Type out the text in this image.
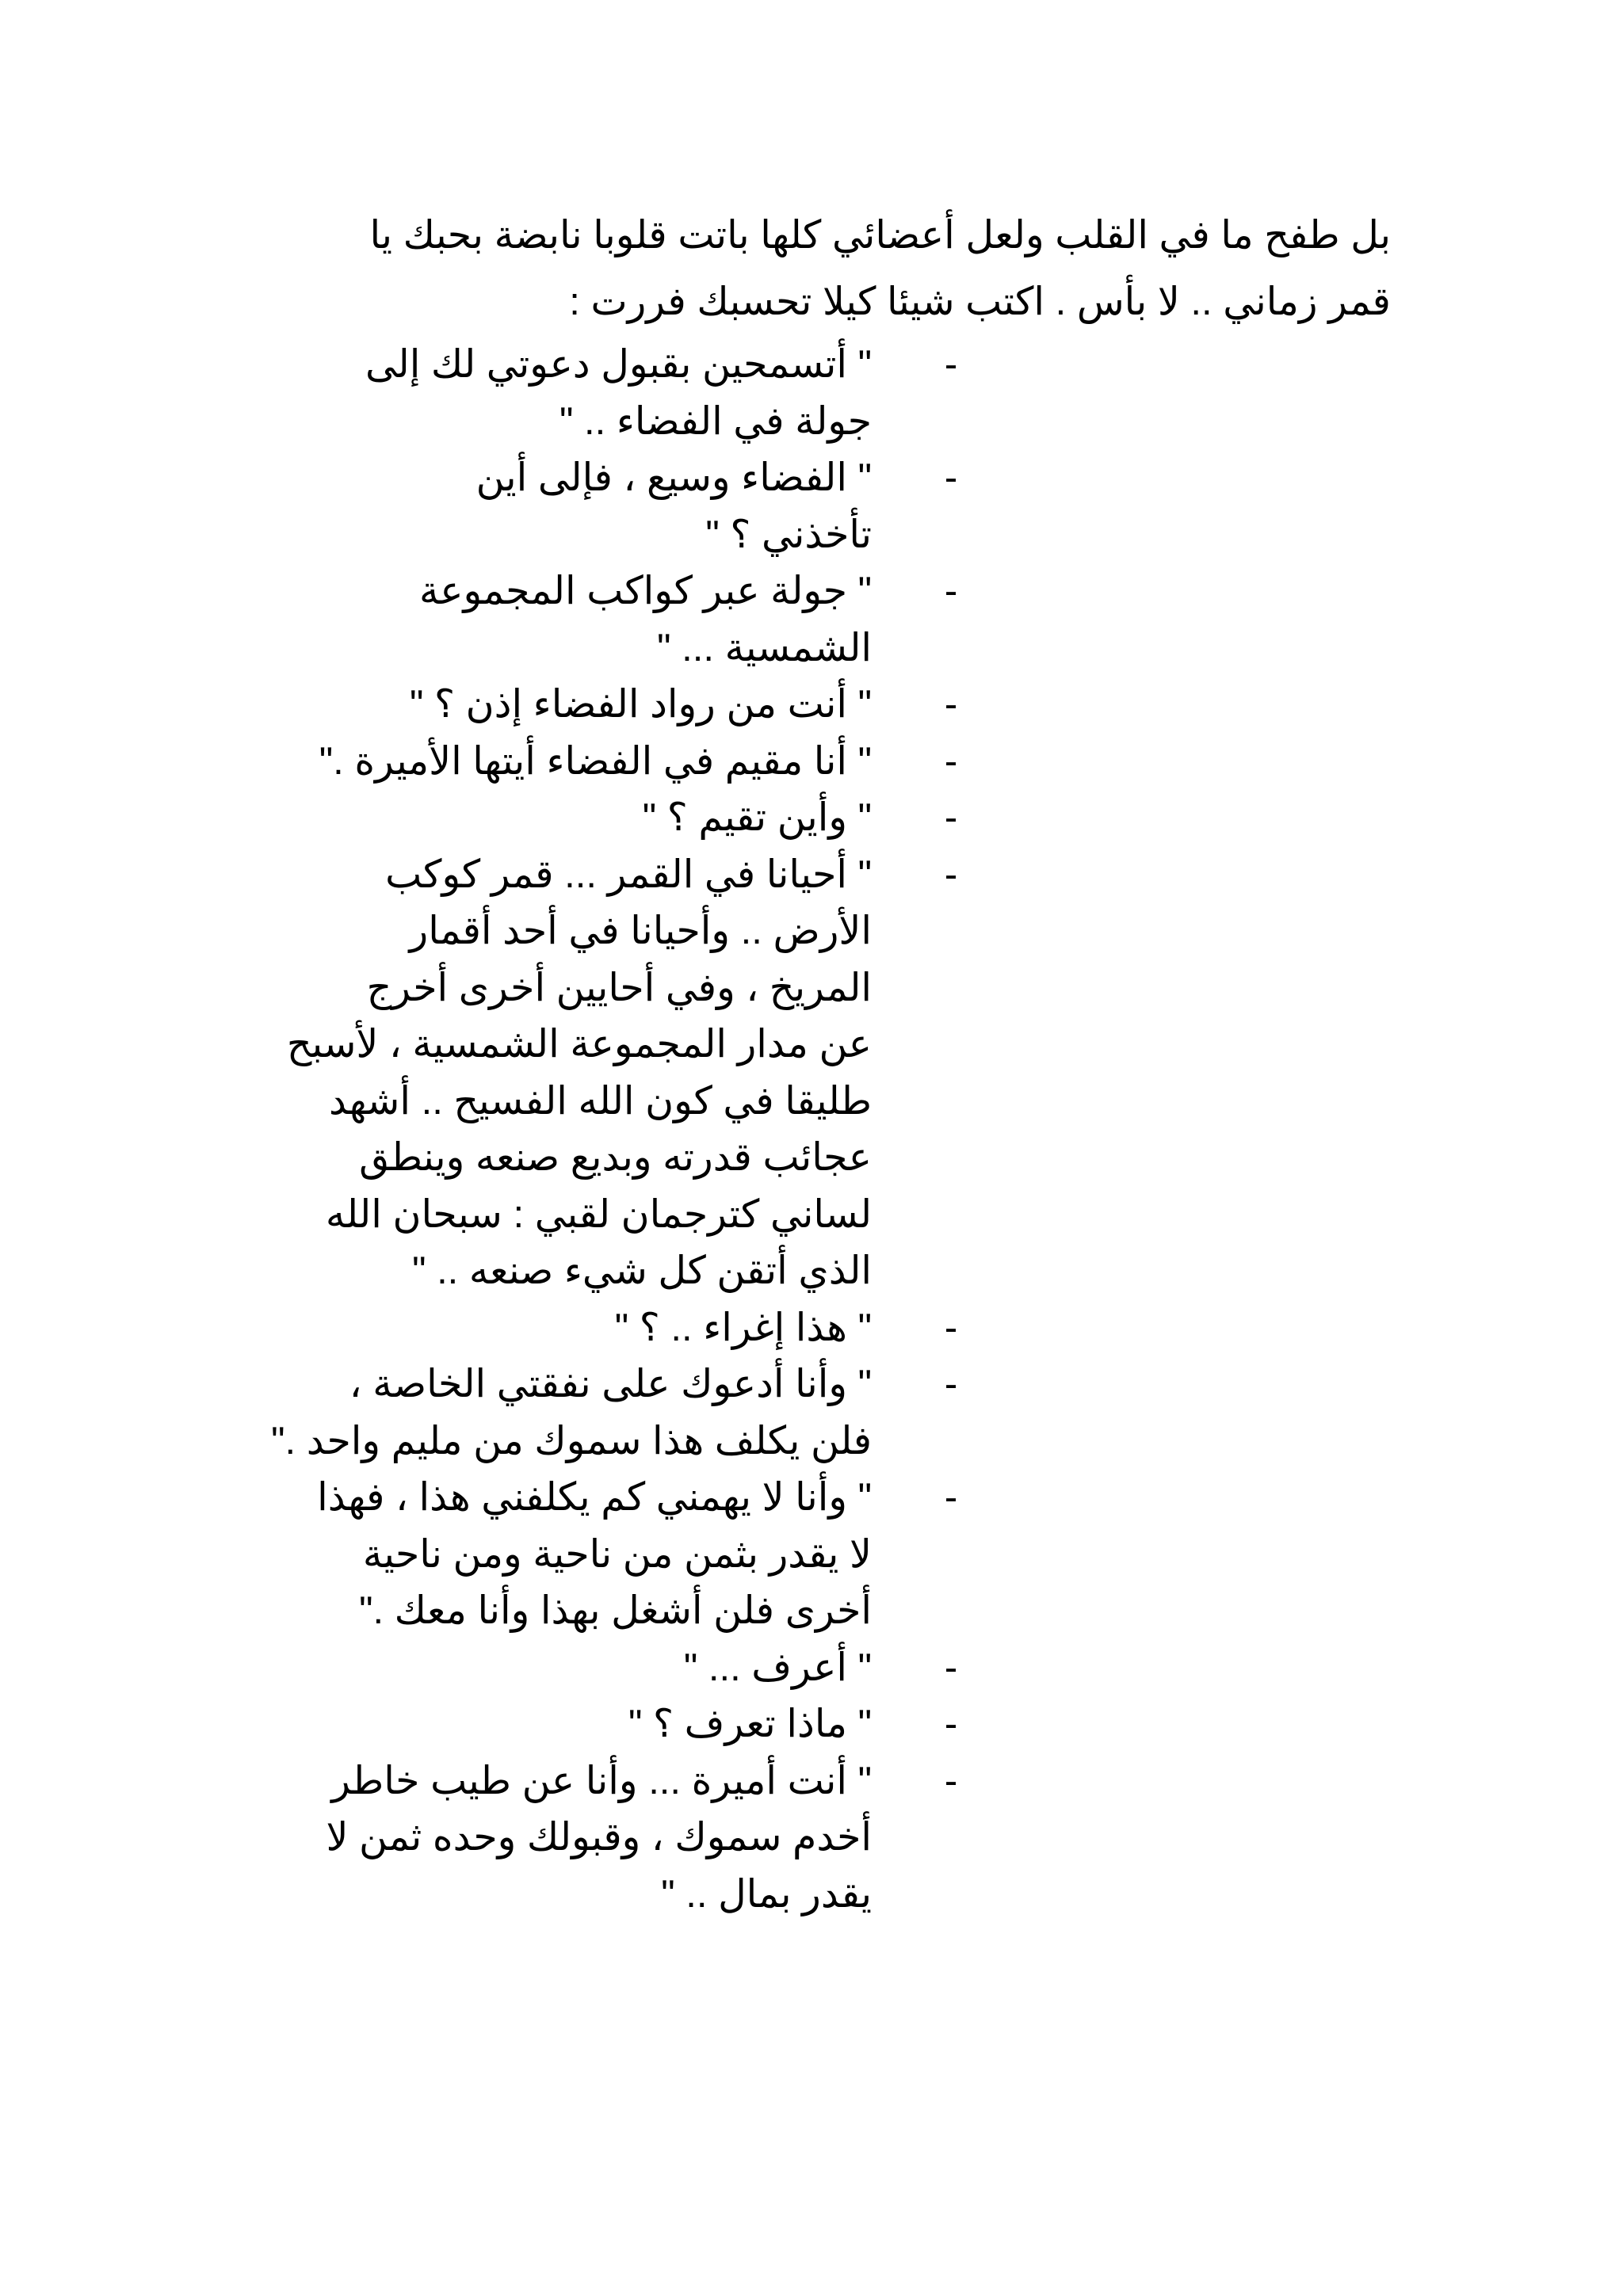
بل طفح ما في القلب ولعل أعضائي كلها باتت قلوبا نابضة بحبك يا
قمر زماني .. لا بأس . اكتب شيئا كيلا تحسبك فررت :

-
" أتسمحين بقبول دعوتي لك إلى
جولة في الفضاء .. "
-
" الفضاء وسيع ، فإلى أين
تأخذني ؟ "
-
" جولة عبر كواكب المجموعة
الشمسية ... "
-
" أنت من رواد الفضاء إذن ؟ "
-
" أنا مقيم في الفضاء أيتها الأميرة ."
-
" وأين تقيم ؟ "
-
" أحيانا في القمر ... قمر كوكب
الأرض .. وأحيانا في أحد أقمار
المريخ ، وفي أحايين أخرى أخرج
عن مدار المجموعة الشمسية ، لأسبح
طليقا في كون الله الفسيح .. أشهد
عجائب قدرته وبديع صنعه وينطق
لساني كترجمان لقبي : سبحان الله
الذي أتقن كل شيء صنعه .. "
-
" هذا إغراء .. ؟ "
-
" وأنا أدعوك على نفقتي الخاصة ،
فلن يكلف هذا سموك من مليم واحد ."
-
" وأنا لا يهمني كم يكلفني هذا ، فهذا
لا يقدر بثمن من ناحية ومن ناحية
أخرى فلن أشغل بهذا وأنا معك ."
-
" أعرف ... "
-
" ماذا تعرف ؟ "
-
" أنت أميرة ... وأنا عن طيب خاطر
أخدم سموك ، وقبولك وحده ثمن لا
يقدر بمال .. "
